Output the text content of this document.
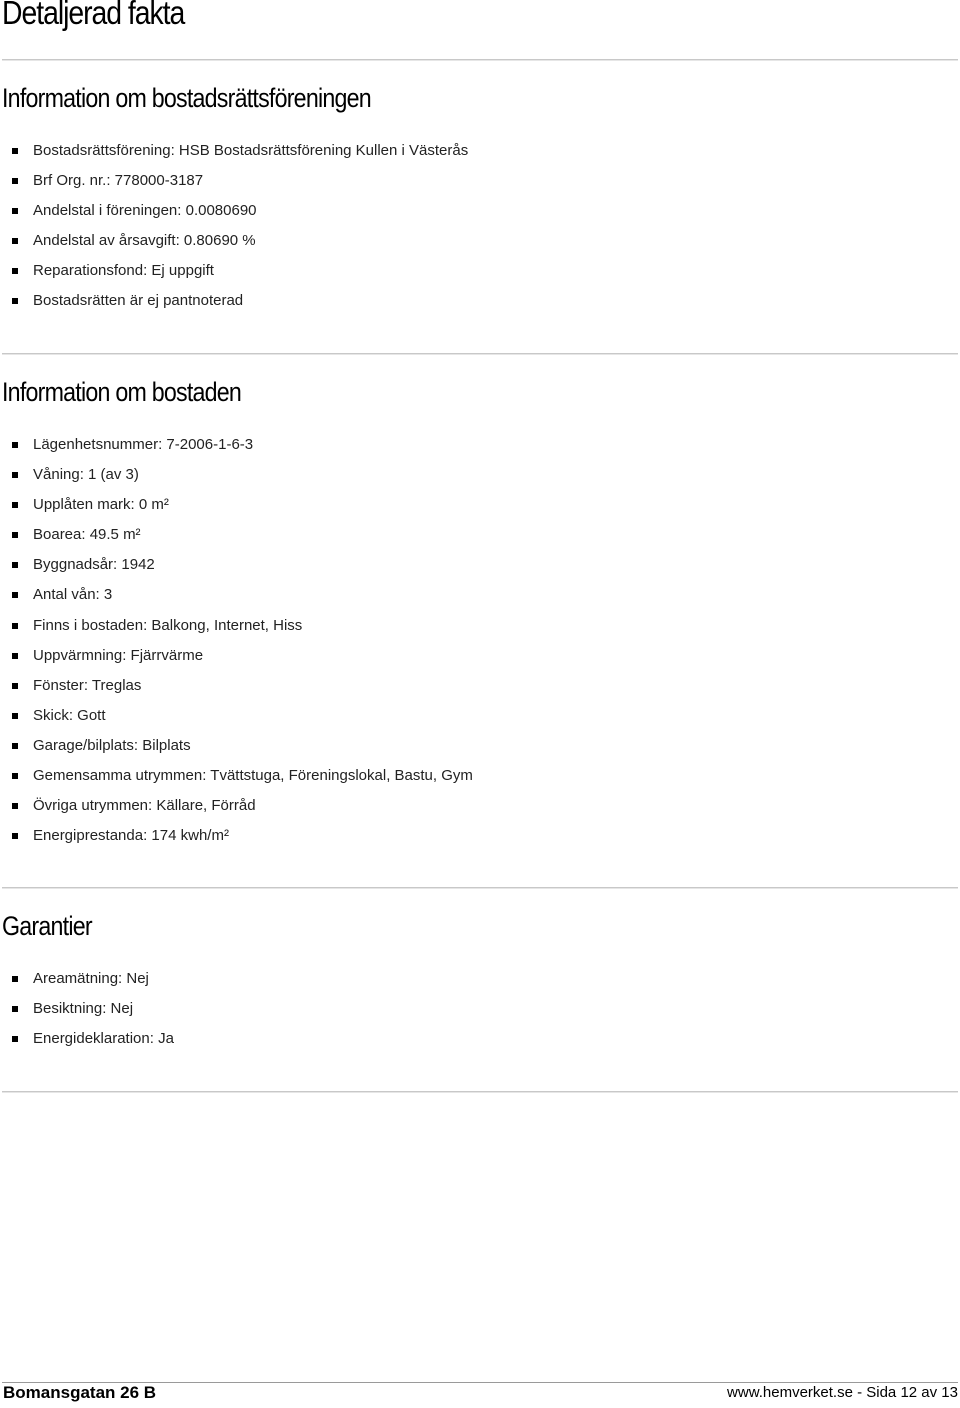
Detaljerad fakta
Information om bostadsrättsföreningen
Bostadsrättsförening: HSB Bostadsrättsförening Kullen i Västerås
Brf Org. nr.: 778000-3187
Andelstal i föreningen: 0.0080690
Andelstal av årsavgift: 0.80690 %
Reparationsfond: Ej uppgift
Bostadsrätten är ej pantnoterad
Information om bostaden
Lägenhetsnummer: 7-2006-1-6-3
Våning: 1 (av 3)
Upplåten mark: 0 m²
Boarea: 49.5 m²
Byggnadsår: 1942
Antal vån: 3
Finns i bostaden: Balkong, Internet, Hiss
Uppvärmning: Fjärrvärme
Fönster: Treglas
Skick: Gott
Garage/bilplats: Bilplats
Gemensamma utrymmen: Tvättstuga, Föreningslokal, Bastu, Gym
Övriga utrymmen: Källare, Förråd
Energiprestanda: 174 kwh/m²
Garantier
Areamätning: Nej
Besiktning: Nej
Energideklaration: Ja
Bomansgatan 26 B	www.hemverket.se - Sida 12 av 13
